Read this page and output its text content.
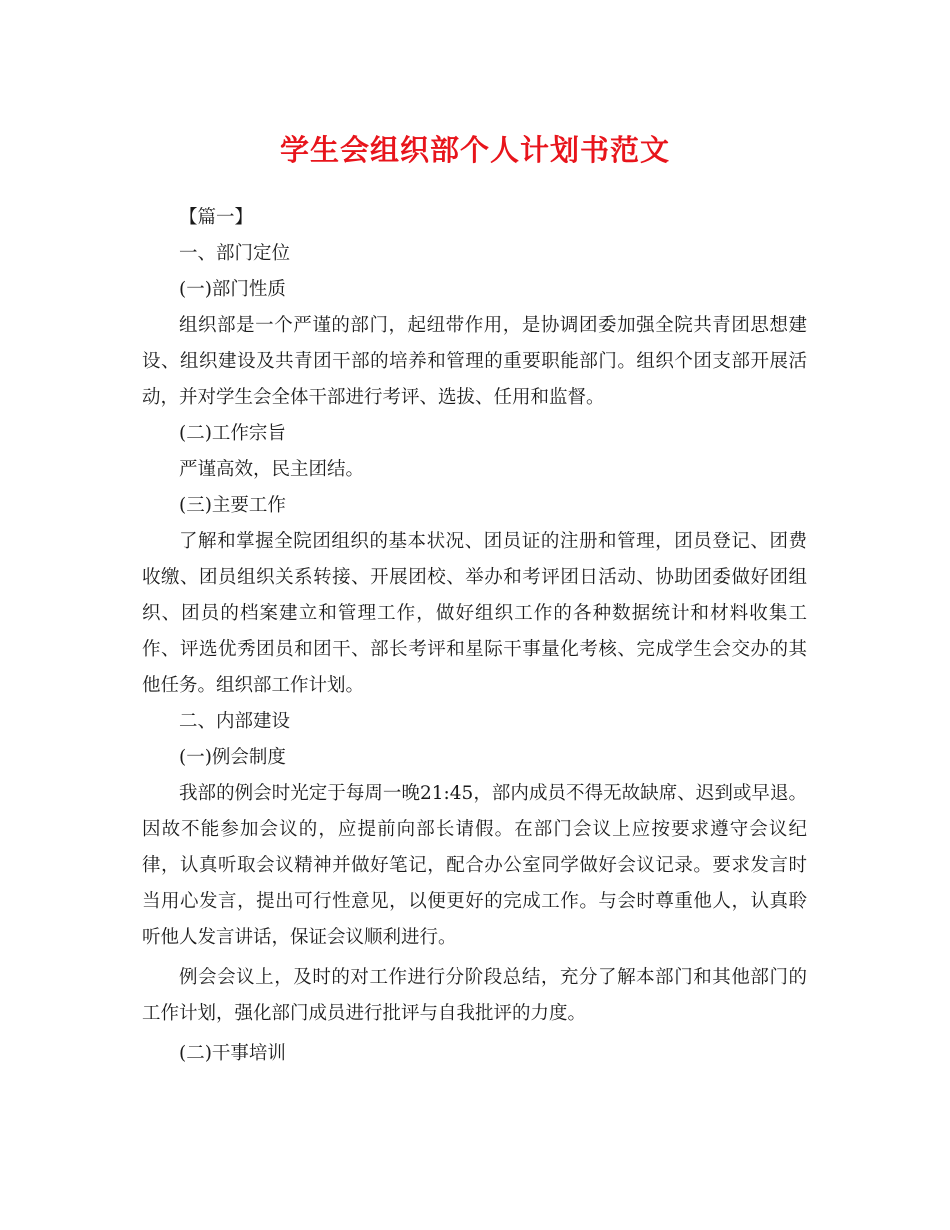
学生会组织部个人计划书范文

【篇一】

一、部门定位

(一)部门性质

组织部是一个严谨的部门，起纽带作用，是协调团委加强全院共青团思想建设、组织建设及共青团干部的培养和管理的重要职能部门。组织个团支部开展活动，并对学生会全体干部进行考评、选拔、任用和监督。

(二)工作宗旨

严谨高效，民主团结。

(三)主要工作

了解和掌握全院团组织的基本状况、团员证的注册和管理，团员登记、团费收缴、团员组织关系转接、开展团校、举办和考评团日活动、协助团委做好团组织、团员的档案建立和管理工作，做好组织工作的各种数据统计和材料收集工作、评选优秀团员和团干、部长考评和星际干事量化考核、完成学生会交办的其他任务。组织部工作计划。

二、内部建设

(一)例会制度

我部的例会时光定于每周一晚21:45，部内成员不得无故缺席、迟到或早退。因故不能参加会议的，应提前向部长请假。在部门会议上应按要求遵守会议纪律，认真听取会议精神并做好笔记，配合办公室同学做好会议记录。要求发言时当用心发言，提出可行性意见，以便更好的完成工作。与会时尊重他人，认真聆听他人发言讲话，保证会议顺利进行。

例会会议上，及时的对工作进行分阶段总结，充分了解本部门和其他部门的工作计划，强化部门成员进行批评与自我批评的力度。

(二)干事培训
